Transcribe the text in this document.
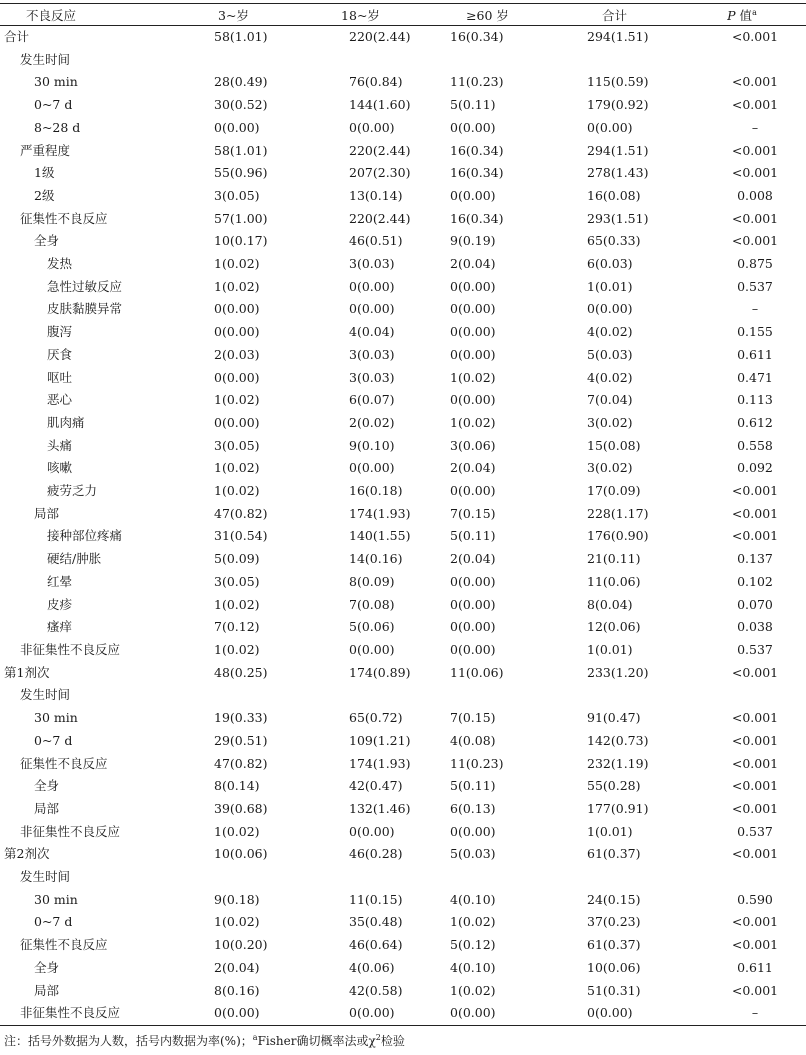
不良反应	3~岁	18~岁	≥60 岁	合计	P 值$^a$
合计	58(1.01)	220(2.44)	16(0.34)	294(1.51)	<0.001
发生时间					
30 min	28(0.49)	76(0.84)	11(0.23)	115(0.59)	<0.001
0~7 d	30(0.52)	144(1.60)	5(0.11)	179(0.92)	<0.001
8~28 d	0(0.00)	0(0.00)	0(0.00)	0(0.00)	–
严重程度	58(1.01)	220(2.44)	16(0.34)	294(1.51)	<0.001
1级	55(0.96)	207(2.30)	16(0.34)	278(1.43)	<0.001
2级	3(0.05)	13(0.14)	0(0.00)	16(0.08)	0.008
征集性不良反应	57(1.00)	220(2.44)	16(0.34)	293(1.51)	<0.001
全身	10(0.17)	46(0.51)	9(0.19)	65(0.33)	<0.001
发热	1(0.02)	3(0.03)	2(0.04)	6(0.03)	0.875
急性过敏反应	1(0.02)	0(0.00)	0(0.00)	1(0.01)	0.537
皮肤黏膜异常	0(0.00)	0(0.00)	0(0.00)	0(0.00)	–
腹泻	0(0.00)	4(0.04)	0(0.00)	4(0.02)	0.155
厌食	2(0.03)	3(0.03)	0(0.00)	5(0.03)	0.611
呕吐	0(0.00)	3(0.03)	1(0.02)	4(0.02)	0.471
恶心	1(0.02)	6(0.07)	0(0.00)	7(0.04)	0.113
肌肉痛	0(0.00)	2(0.02)	1(0.02)	3(0.02)	0.612
头痛	3(0.05)	9(0.10)	3(0.06)	15(0.08)	0.558
咳嗽	1(0.02)	0(0.00)	2(0.04)	3(0.02)	0.092
疲劳乏力	1(0.02)	16(0.18)	0(0.00)	17(0.09)	<0.001
局部	47(0.82)	174(1.93)	7(0.15)	228(1.17)	<0.001
接种部位疼痛	31(0.54)	140(1.55)	5(0.11)	176(0.90)	<0.001
硬结/肿胀	5(0.09)	14(0.16)	2(0.04)	21(0.11)	0.137
红晕	3(0.05)	8(0.09)	0(0.00)	11(0.06)	0.102
皮疹	1(0.02)	7(0.08)	0(0.00)	8(0.04)	0.070
瘙痒	7(0.12)	5(0.06)	0(0.00)	12(0.06)	0.038
非征集性不良反应	1(0.02)	0(0.00)	0(0.00)	1(0.01)	0.537
第1剂次	48(0.25)	174(0.89)	11(0.06)	233(1.20)	<0.001
发生时间					
30 min	19(0.33)	65(0.72)	7(0.15)	91(0.47)	<0.001
0~7 d	29(0.51)	109(1.21)	4(0.08)	142(0.73)	<0.001
征集性不良反应	47(0.82)	174(1.93)	11(0.23)	232(1.19)	<0.001
全身	8(0.14)	42(0.47)	5(0.11)	55(0.28)	<0.001
局部	39(0.68)	132(1.46)	6(0.13)	177(0.91)	<0.001
非征集性不良反应	1(0.02)	0(0.00)	0(0.00)	1(0.01)	0.537
第2剂次	10(0.06)	46(0.28)	5(0.03)	61(0.37)	<0.001
发生时间					
30 min	9(0.18)	11(0.15)	4(0.10)	24(0.15)	0.590
0~7 d	1(0.02)	35(0.48)	1(0.02)	37(0.23)	<0.001
征集性不良反应	10(0.20)	46(0.64)	5(0.12)	61(0.37)	<0.001
全身	2(0.04)	4(0.06)	4(0.10)	10(0.06)	0.611
局部	8(0.16)	42(0.58)	1(0.02)	51(0.31)	<0.001
非征集性不良反应	0(0.00)	0(0.00)	0(0.00)	0(0.00)	–
注：括号外数据为人数，括号内数据为率(%)；$^a$Fisher确切概率法或$\chi^2$检验
